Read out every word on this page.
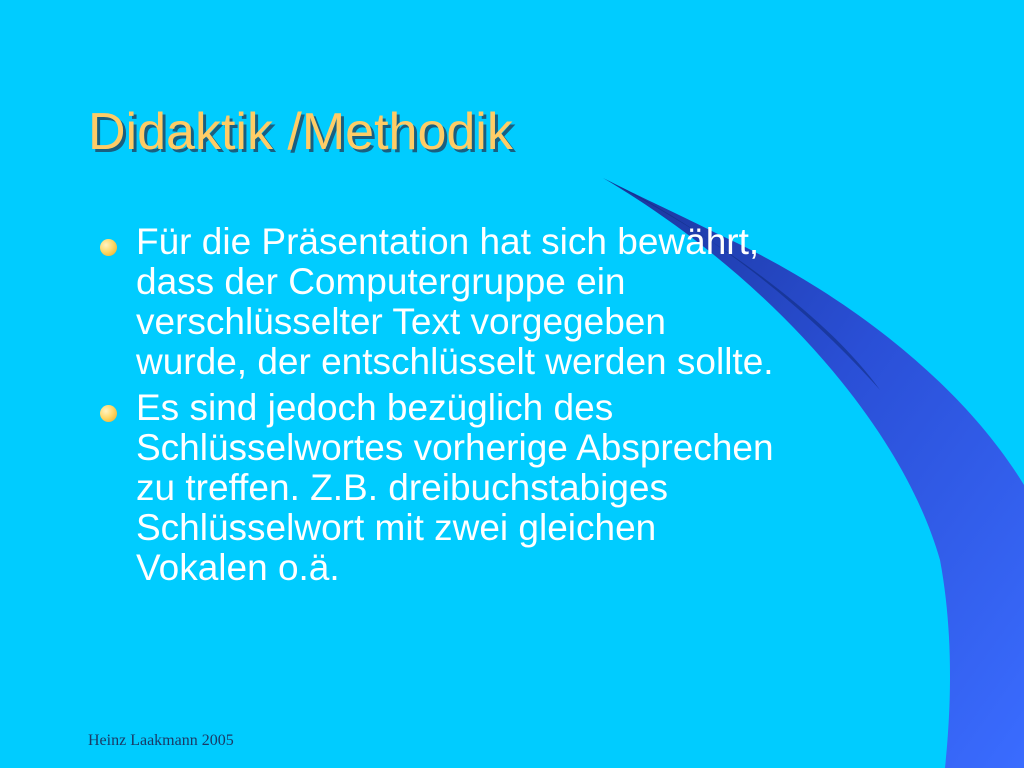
Didaktik /Methodik
Für die Präsentation hat sich bewährt,
dass der Computergruppe ein
verschlüsselter Text vorgegeben
wurde, der entschlüsselt werden sollte.
Es sind jedoch bezüglich des
Schlüsselwortes vorherige Absprechen
zu treffen. Z.B. dreibuchstabiges
Schlüsselwort mit zwei gleichen
Vokalen o.ä.
Heinz Laakmann 2005
